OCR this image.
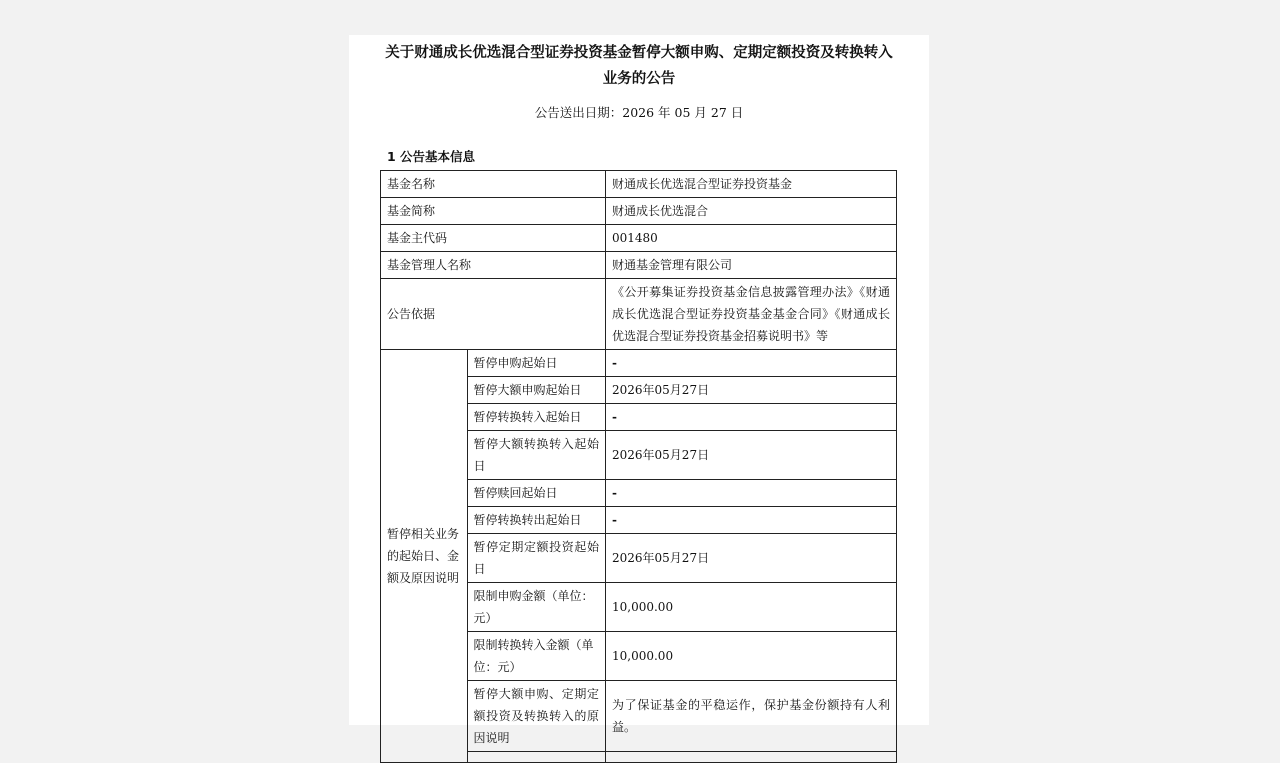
关于财通成长优选混合型证券投资基金暂停大额申购、定期定额投资及转换转入业务的公告
公告送出日期：2026 年 05 月 27 日
1 公告基本信息
基金名称		财通成长优选混合型证券投资基金
基金简称		财通成长优选混合
基金主代码		001480
基金管理人名称		财通基金管理有限公司
公告依据		《公开募集证券投资基金信息披露管理办法》《财通成长优选混合型证券投资基金基金合同》《财通成长优选混合型证券投资基金招募说明书》等
暂停相关业务的起始日、金额及原因说明	暂停申购起始日	-
	暂停大额申购起始日	2026年05月27日
	暂停转换转入起始日	-
	暂停大额转换转入起始日	2026年05月27日
	暂停赎回起始日	-
	暂停转换转出起始日	-
	暂停定期定额投资起始日	2026年05月27日
	限制申购金额（单位：元）	10,000.00
	限制转换转入金额（单位：元）	10,000.00
	暂停大额申购、定期定额投资及转换转入的原因说明	为了保证基金的平稳运作，保护基金份额持有人利益。
